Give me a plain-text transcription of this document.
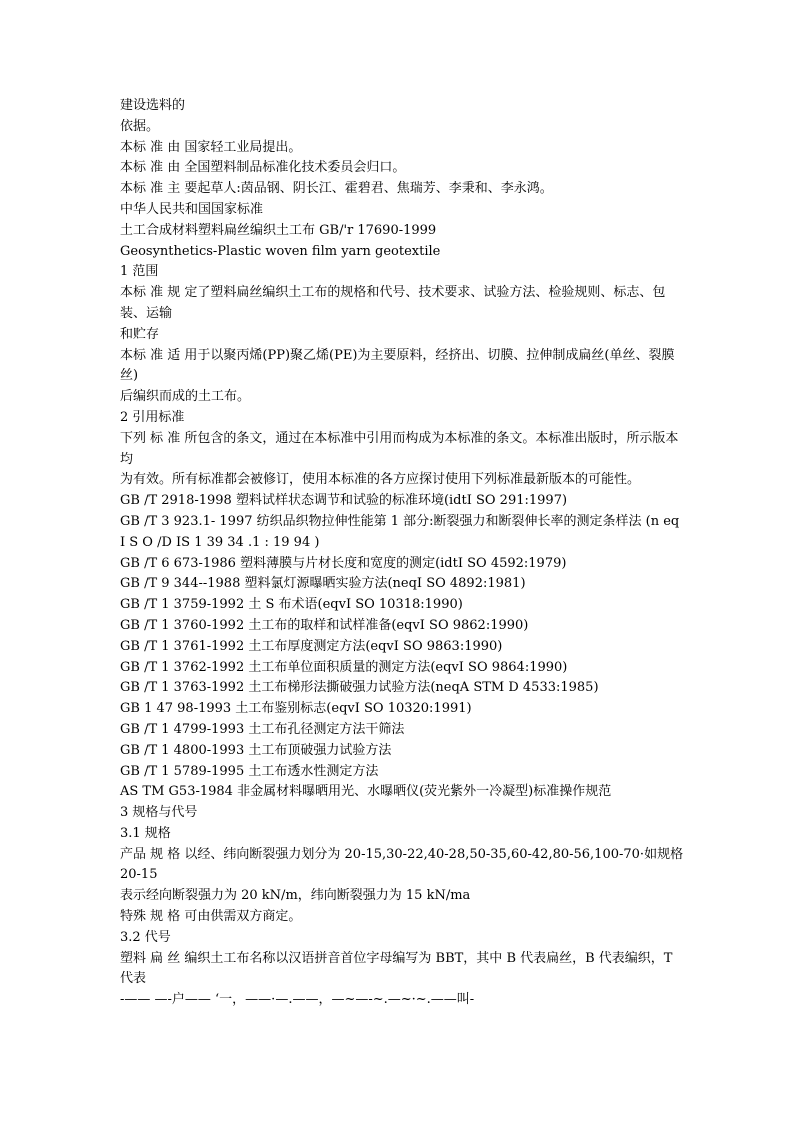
建设选料的
依据。
本标 准 由 国家轻工业局提出。
本标 准 由 全国塑料制品标准化技术委员会归口。
本标 准 主 要起草人:茵品钢、阴长江、霍碧君、焦瑞芳、李秉和、李永鸿。
中华人民共和国国家标准
土工合成材料塑料扁丝编织土工布 GB/'r 17690-1999
Geosynthetics-Plastic woven film yarn geotextile
1 范围
本标 准 规 定了塑料扁丝编织土工布的规格和代号、技术要求、试验方法、检验规则、标志、包装、运输
和贮存
本标 准 适 用于以聚丙烯(PP)聚乙烯(PE)为主要原料，经挤出、切膜、拉伸制成扁丝(单丝、裂膜丝)
后编织而成的土工布。
2 引用标准
下列 标 准 所包含的条文，通过在本标准中引用而构成为本标准的条文。本标准出版时，所示版本均
为有效。所有标准都会被修订，使用本标准的各方应探讨使用下列标准最新版本的可能性。
GB /T 2918-1998 塑料试样状态调节和试验的标准环境(idtI SO 291:1997)
GB /T 3 923.1- 1997 纺织品织物拉伸性能第 1 部分:断裂强力和断裂伸长率的测定条样法 (n eq I S O /D IS 1 39 34 .1 : 19 94 )
GB /T 6 673-1986 塑料薄膜与片材长度和宽度的测定(idtI SO 4592:1979)
GB /T 9 344--1988 塑料氯灯源曝晒实验方法(neqI SO 4892:1981)
GB /T 1 3759-1992 土 S 布术语(eqvI SO 10318:1990)
GB /T 1 3760-1992 土工布的取样和试样准备(eqvI SO 9862:1990)
GB /T 1 3761-1992 土工布厚度测定方法(eqvI SO 9863:1990)
GB /T 1 3762-1992 土工布单位面积质量的测定方法(eqvI SO 9864:1990)
GB /T 1 3763-1992 土工布梯形法撕破强力试验方法(neqA STM D 4533:1985)
GB 1 47 98-1993 土工布鉴别标志(eqvI SO 10320:1991)
GB /T 1 4799-1993 土工布孔径测定方法干筛法
GB /T 1 4800-1993 土工布顶破强力试验方法
GB /T 1 5789-1995 土工布透水性测定方法
AS TM G53-1984 非金属材料曝晒用光、水曝晒仪(荧光紫外一冷凝型)标准操作规范
3 规格与代号
3.1 规格
产品 规 格 以经、纬向断裂强力划分为 20-15,30-22,40-28,50-35,60-42,80-56,100-70·如规格 20-15
表示经向断裂强力为 20 kN/m，纬向断裂强力为 15 kN/ma
特殊 规 格 可由供需双方商定。
3.2 代号
塑料 扁 丝 编织土工布名称以汉语拼音首位字母编写为 BBT，其中 B 代表扁丝，B 代表编织，T 代表
-—— —-户—— ‘一，——·—.——，—~—-~.—~·~.——叫-
